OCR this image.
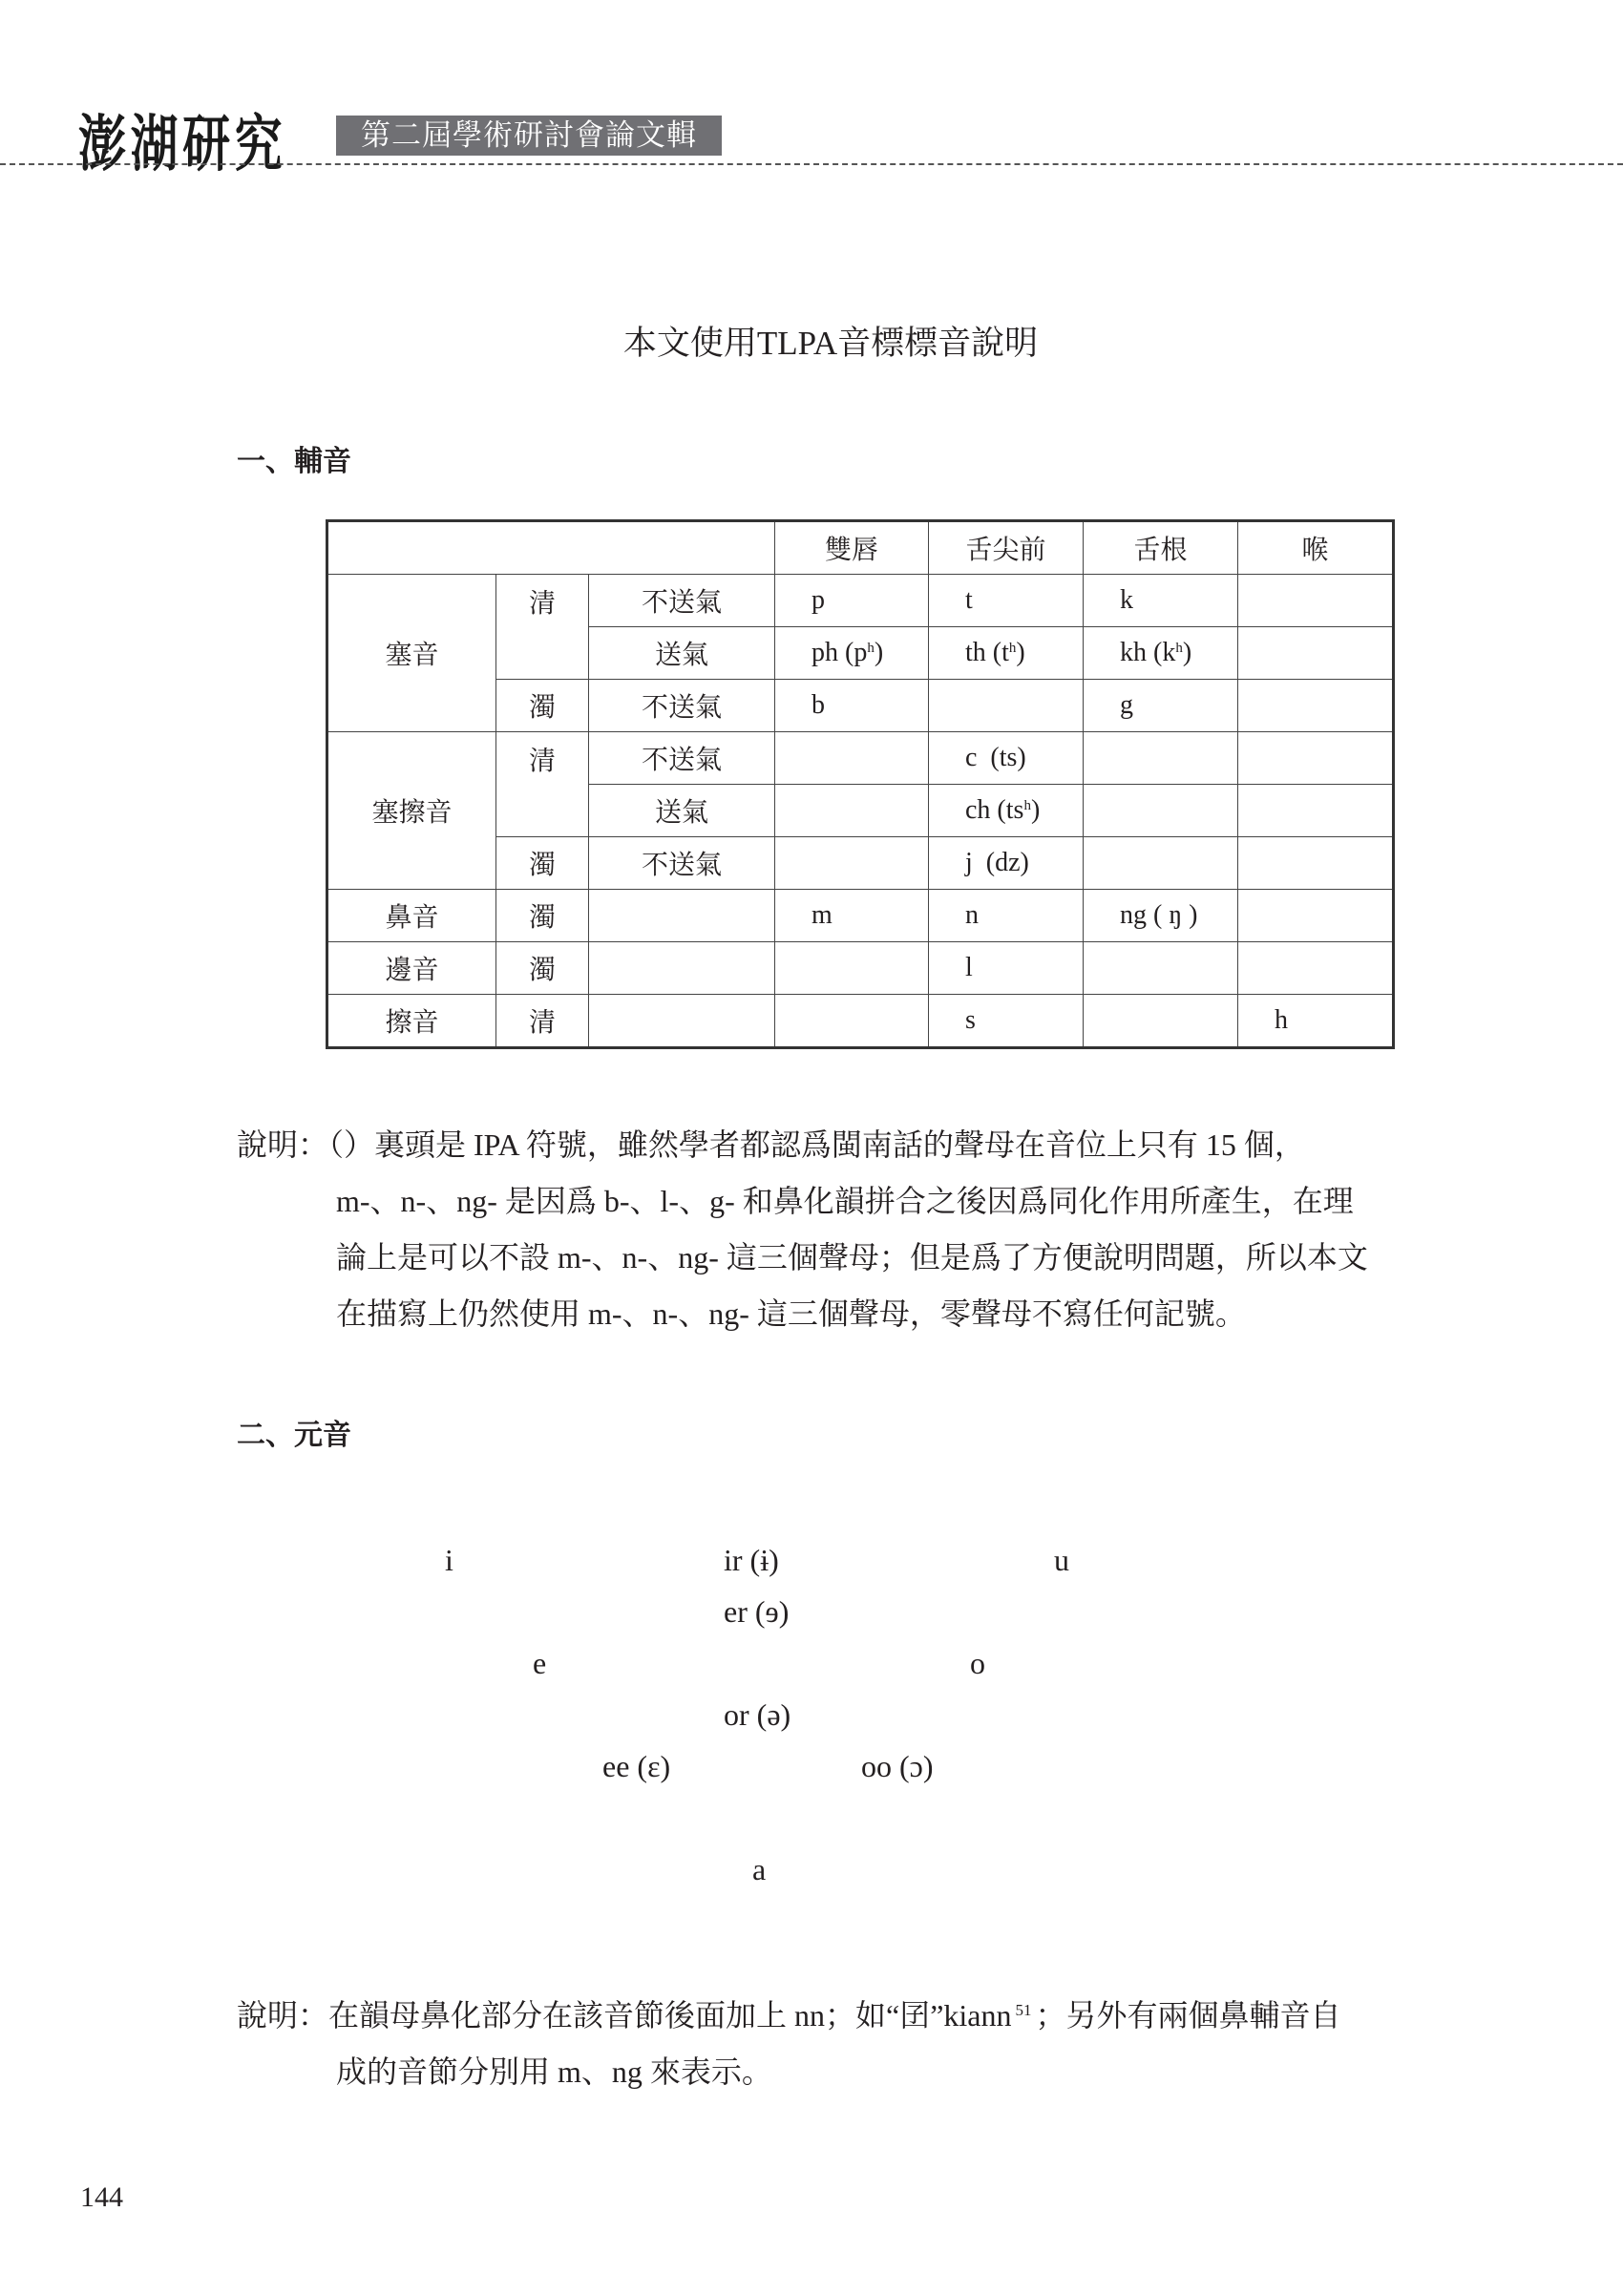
澎湖研究	第二屆學術研討會論文輯
本文使用TLPA音標標音說明
一、輔音
			雙唇	舌尖前	舌根	喉
塞音	清	不送氣	p	t	k	
		送氣	ph $(p^h)$	th $(t^h)$	kh $(k^h)$	
	濁	不送氣	b		g	
塞擦音	清	不送氣		c  (ts)		
		送氣		ch $(ts^h)$		
	濁	不送氣		j  (dz)		
鼻音	濁		m	n	ng ( ŋ )	
邊音	濁			l		
擦音	清			s		h
說明：（）裏頭是 IPA 符號，雖然學者都認爲閩南話的聲母在音位上只有 15 個，
m-、n-、ng- 是因爲 b-、l-、g- 和鼻化韻拼合之後因爲同化作用所產生，在理
論上是可以不設 m-、n-、ng- 這三個聲母；但是爲了方便說明問題，所以本文
在描寫上仍然使用 m-、n-、ng- 這三個聲母，零聲母不寫任何記號。
二、元音
i	ir (ɨ)	u
er (ɘ)
e	o
or (ə)
ee (ɛ)	oo (ɔ)
a
說明：在韻母鼻化部分在該音節後面加上 nn；如“囝”kiann $^{51}$ ；另外有兩個鼻輔音自
成的音節分別用 m、ng 來表示。
144
